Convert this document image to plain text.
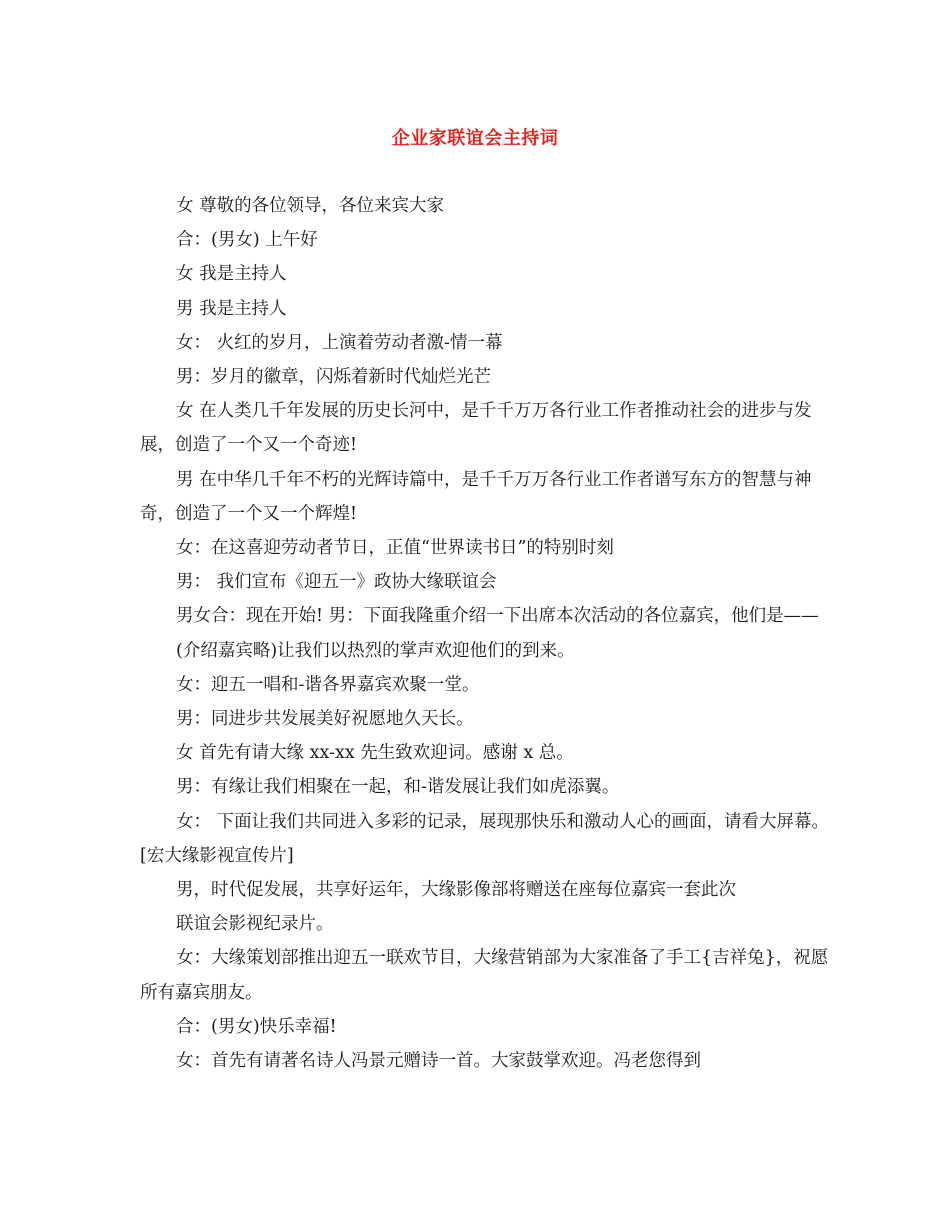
企业家联谊会主持词

女 尊敬的各位领导，各位来宾大家

合：(男女) 上午好

女 我是主持人

男 我是主持人

女： 火红的岁月，上演着劳动者激-情一幕

男：岁月的徽章，闪烁着新时代灿烂光芒

女 在人类几千年发展的历史长河中，是千千万万各行业工作者推动社会的进步与发展，创造了一个又一个奇迹!

男 在中华几千年不朽的光辉诗篇中，是千千万万各行业工作者谱写东方的智慧与神奇，创造了一个又一个辉煌!

女：在这喜迎劳动者节日，正值“世界读书日”的特别时刻

男： 我们宣布《迎五一》政协大缘联谊会

男女合：现在开始! 男：下面我隆重介绍一下出席本次活动的各位嘉宾，他们是——

(介绍嘉宾略)让我们以热烈的掌声欢迎他们的到来。

女：迎五一唱和-谐各界嘉宾欢聚一堂。

男：同进步共发展美好祝愿地久天长。

女 首先有请大缘 xx-xx 先生致欢迎词。感谢 x 总。

男：有缘让我们相聚在一起，和-谐发展让我们如虎添翼。

女： 下面让我们共同进入多彩的记录，展现那快乐和激动人心的画面，请看大屏幕。[宏大缘影视宣传片]

男，时代促发展，共享好运年，大缘影像部将赠送在座每位嘉宾一套此次

联谊会影视纪录片。

女：大缘策划部推出迎五一联欢节目，大缘营销部为大家准备了手工{吉祥兔}，祝愿所有嘉宾朋友。

合：(男女)快乐幸福!

女：首先有请著名诗人冯景元赠诗一首。大家鼓掌欢迎。冯老您得到
